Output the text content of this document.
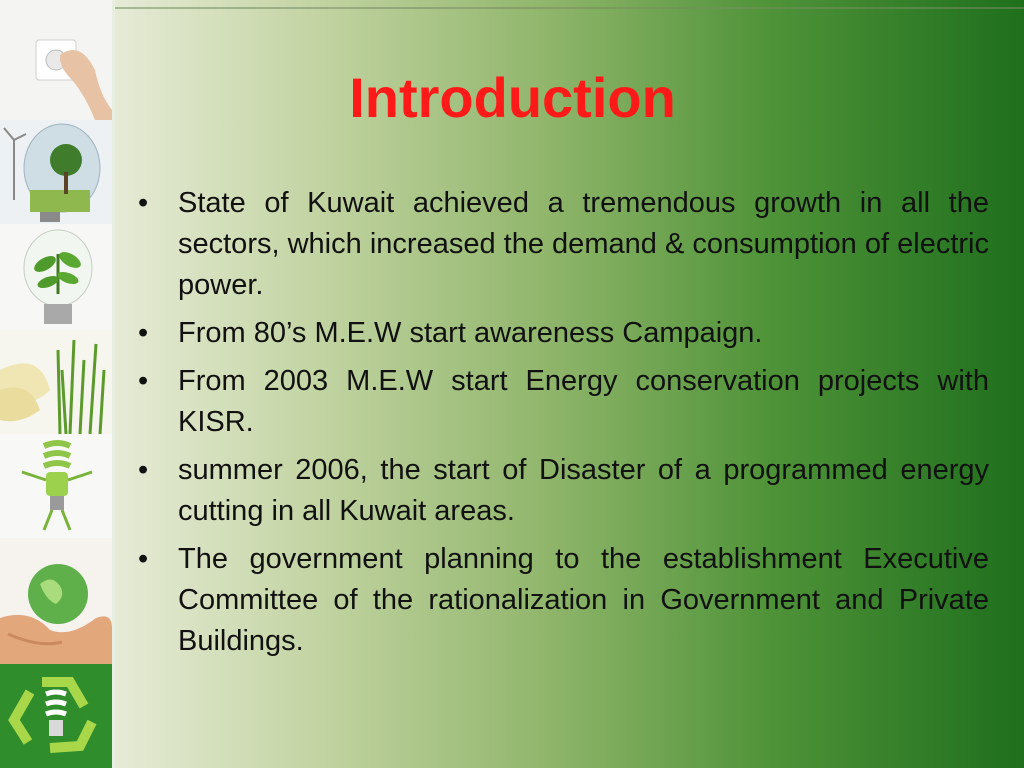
Introduction
• State of Kuwait achieved a tremendous growth in all the sectors, which increased the demand & consumption of electric power.
• From 80’s M.E.W start awareness Campaign.
• From 2003 M.E.W start Energy conservation projects with KISR.
• summer 2006, the start of Disaster of a programmed energy cutting in all Kuwait areas.
• The government planning to the establishment Executive Committee of the rationalization in Government and Private Buildings.
